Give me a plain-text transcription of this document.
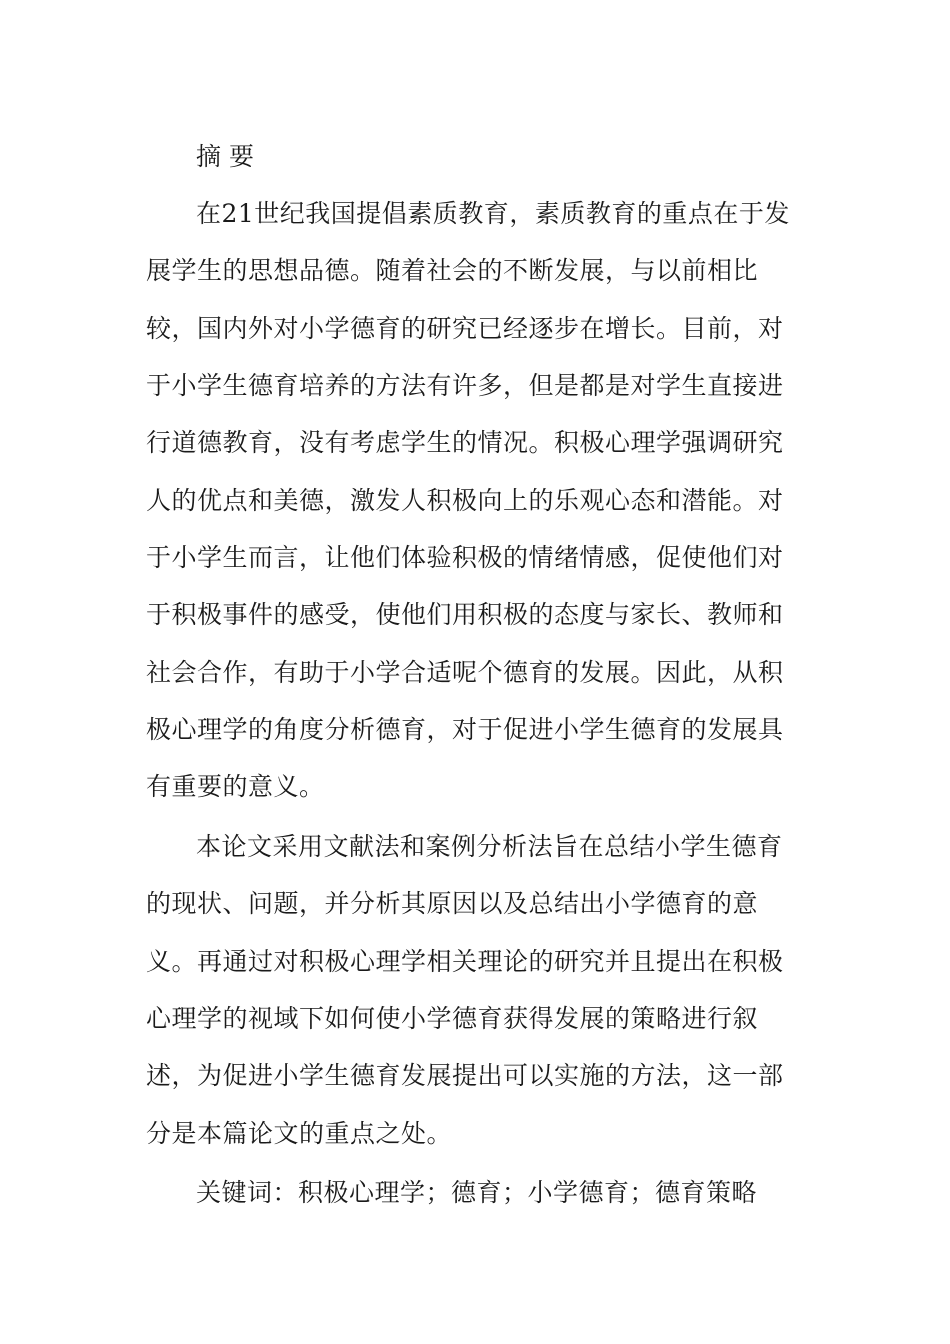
摘 要
在21世纪我国提倡素质教育，素质教育的重点在于发
展学生的思想品德。随着社会的不断发展，与以前相比
较，国内外对小学德育的研究已经逐步在增长。目前，对
于小学生德育培养的方法有许多，但是都是对学生直接进
行道德教育，没有考虑学生的情况。积极心理学强调研究
人的优点和美德，激发人积极向上的乐观心态和潜能。对
于小学生而言，让他们体验积极的情绪情感，促使他们对
于积极事件的感受，使他们用积极的态度与家长、教师和
社会合作，有助于小学合适呢个德育的发展。因此，从积
极心理学的角度分析德育，对于促进小学生德育的发展具
有重要的意义。
本论文采用文献法和案例分析法旨在总结小学生德育
的现状、问题，并分析其原因以及总结出小学德育的意
义。再通过对积极心理学相关理论的研究并且提出在积极
心理学的视域下如何使小学德育获得发展的策略进行叙
述，为促进小学生德育发展提出可以实施的方法，这一部
分是本篇论文的重点之处。
关键词：积极心理学；德育；小学德育；德育策略
